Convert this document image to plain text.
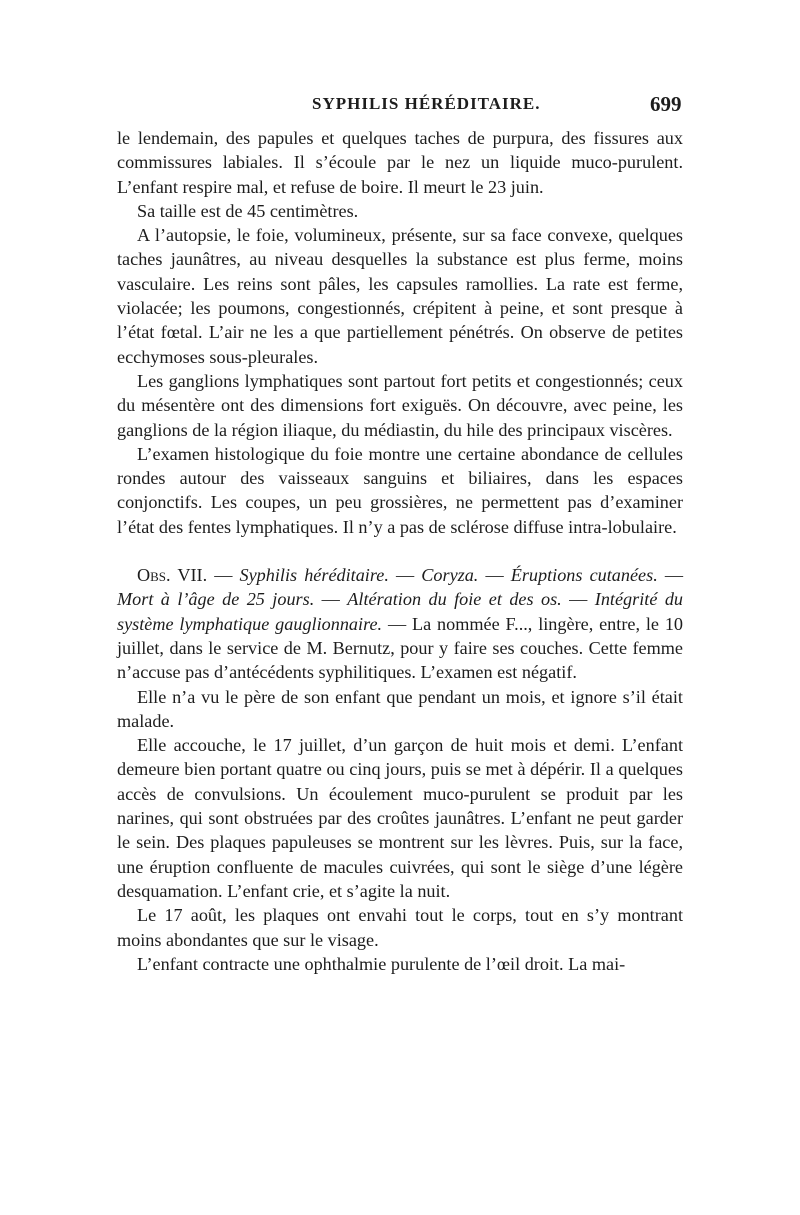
SYPHILIS HÉRÉDITAIRE.	699

le lendemain, des papules et quelques taches de purpura, des fissures aux commissures labiales. Il s’écoule par le nez un liquide muco-purulent. L’enfant respire mal, et refuse de boire. Il meurt le 23 juin.

Sa taille est de 45 centimètres.

A l’autopsie, le foie, volumineux, présente, sur sa face convexe, quelques taches jaunâtres, au niveau desquelles la substance est plus ferme, moins vasculaire. Les reins sont pâles, les capsules ramollies. La rate est ferme, violacée; les poumons, congestionnés, crépitent à peine, et sont presque à l’état fœtal. L’air ne les a que partiellement pénétrés. On observe de petites ecchymoses sous-pleurales.

Les ganglions lymphatiques sont partout fort petits et congestionnés; ceux du mésentère ont des dimensions fort exiguës. On découvre, avec peine, les ganglions de la région iliaque, du médiastin, du hile des principaux viscères.

L’examen histologique du foie montre une certaine abondance de cellules rondes autour des vaisseaux sanguins et biliaires, dans les espaces conjonctifs. Les coupes, un peu grossières, ne permettent pas d’examiner l’état des fentes lymphatiques. Il n’y a pas de sclérose diffuse intra-lobulaire.

Obs. VII. — Syphilis héréditaire. — Coryza. — Éruptions cutanées. — Mort à l’âge de 25 jours. — Altération du foie et des os. — Intégrité du système lymphatique gauglionnaire. — La nommée F..., lingère, entre, le 10 juillet, dans le service de M. Bernutz, pour y faire ses couches. Cette femme n’accuse pas d’antécédents syphilitiques. L’examen est négatif.

Elle n’a vu le père de son enfant que pendant un mois, et ignore s’il était malade.

Elle accouche, le 17 juillet, d’un garçon de huit mois et demi. L’enfant demeure bien portant quatre ou cinq jours, puis se met à dépérir. Il a quelques accès de convulsions. Un écoulement muco-purulent se produit par les narines, qui sont obstruées par des croûtes jaunâtres. L’enfant ne peut garder le sein. Des plaques papuleuses se montrent sur les lèvres. Puis, sur la face, une éruption confluente de macules cuivrées, qui sont le siège d’une légère desquamation. L’enfant crie, et s’agite la nuit.

Le 17 août, les plaques ont envahi tout le corps, tout en s’y montrant moins abondantes que sur le visage.

L’enfant contracte une ophthalmie purulente de l’œil droit. La mai-
